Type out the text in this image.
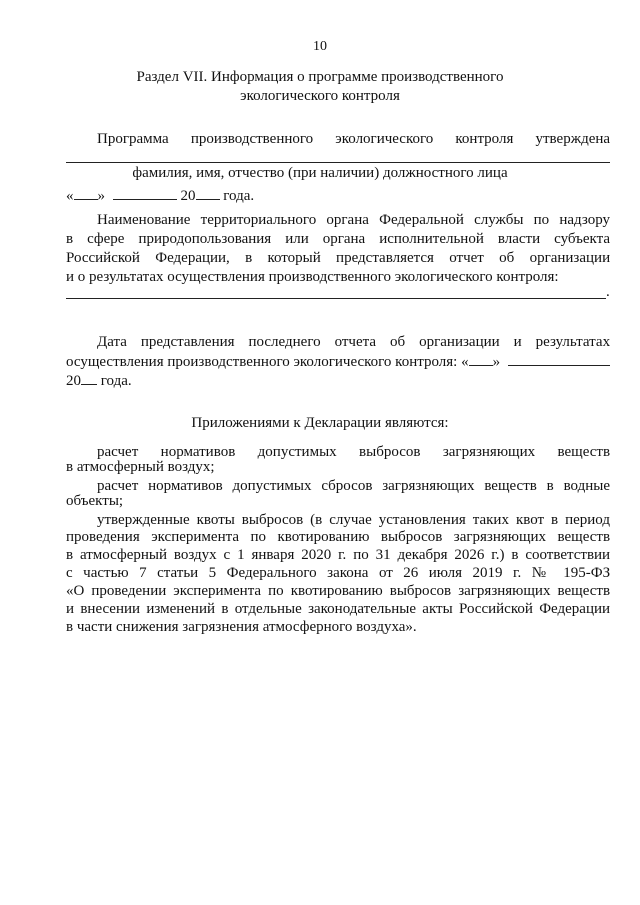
10
Раздел VII. Информация о программе производственного
экологического контроля
Программа производственного экологического контроля утверждена
фамилия, имя, отчество (при наличии) должностного лица
« »	20 года.
Наименование территориального органа Федеральной службы по надзору
в сфере природопользования или органа исполнительной власти субъекта
Российской Федерации, в который представляется отчет об организации
и о результатах осуществления производственного экологического контроля:
.
Дата представления последнего отчета об организации и результатах
осуществления производственного экологического контроля: « »
20 года.
Приложениями к Декларации являются:
расчет нормативов допустимых выбросов загрязняющих веществ
в атмосферный воздух;
расчет нормативов допустимых сбросов загрязняющих веществ в водные
объекты;
утвержденные квоты выбросов (в случае установления таких квот в период
проведения эксперимента по квотированию выбросов загрязняющих веществ
в атмосферный воздух с 1 января 2020 г. по 31 декабря 2026 г.) в соответствии
с частью 7 статьи 5 Федерального закона от 26 июля 2019 г. № 195-ФЗ
«О проведении эксперимента по квотированию выбросов загрязняющих веществ
и внесении изменений в отдельные законодательные акты Российской Федерации
в части снижения загрязнения атмосферного воздуха».
